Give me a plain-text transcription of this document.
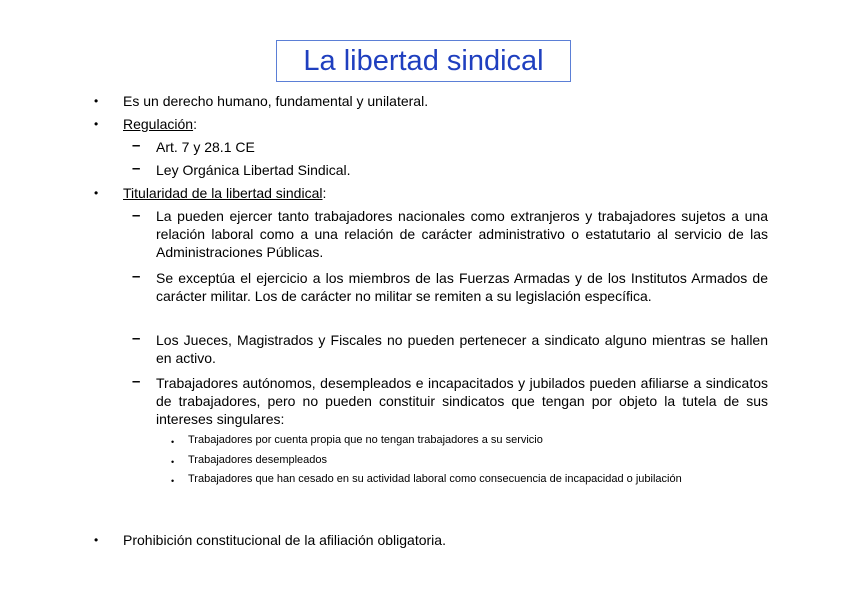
La libertad sindical
• Es un derecho humano, fundamental y unilateral.
• Regulación:
– Art. 7 y 28.1 CE
– Ley Orgánica Libertad Sindical.
• Titularidad de la libertad sindical:
– La pueden ejercer tanto trabajadores nacionales como extranjeros y trabajadores sujetos a una relación laboral como a una relación de carácter administrativo o estatutario al servicio de las Administraciones Públicas.
– Se exceptúa el ejercicio a los miembros de las Fuerzas Armadas y de los Institutos Armados de carácter militar. Los de carácter no militar se remiten a su legislación específica.
– Los Jueces, Magistrados y Fiscales no pueden pertenecer a sindicato alguno mientras se hallen en activo.
– Trabajadores autónomos, desempleados e incapacitados y jubilados pueden afiliarse a sindicatos de trabajadores, pero no pueden constituir sindicatos que tengan por objeto la tutela de sus intereses singulares:
• Trabajadores por cuenta propia que no tengan trabajadores a su servicio
• Trabajadores desempleados
• Trabajadores que han cesado en su actividad laboral como consecuencia de incapacidad o jubilación
• Prohibición constitucional de la afiliación obligatoria.
